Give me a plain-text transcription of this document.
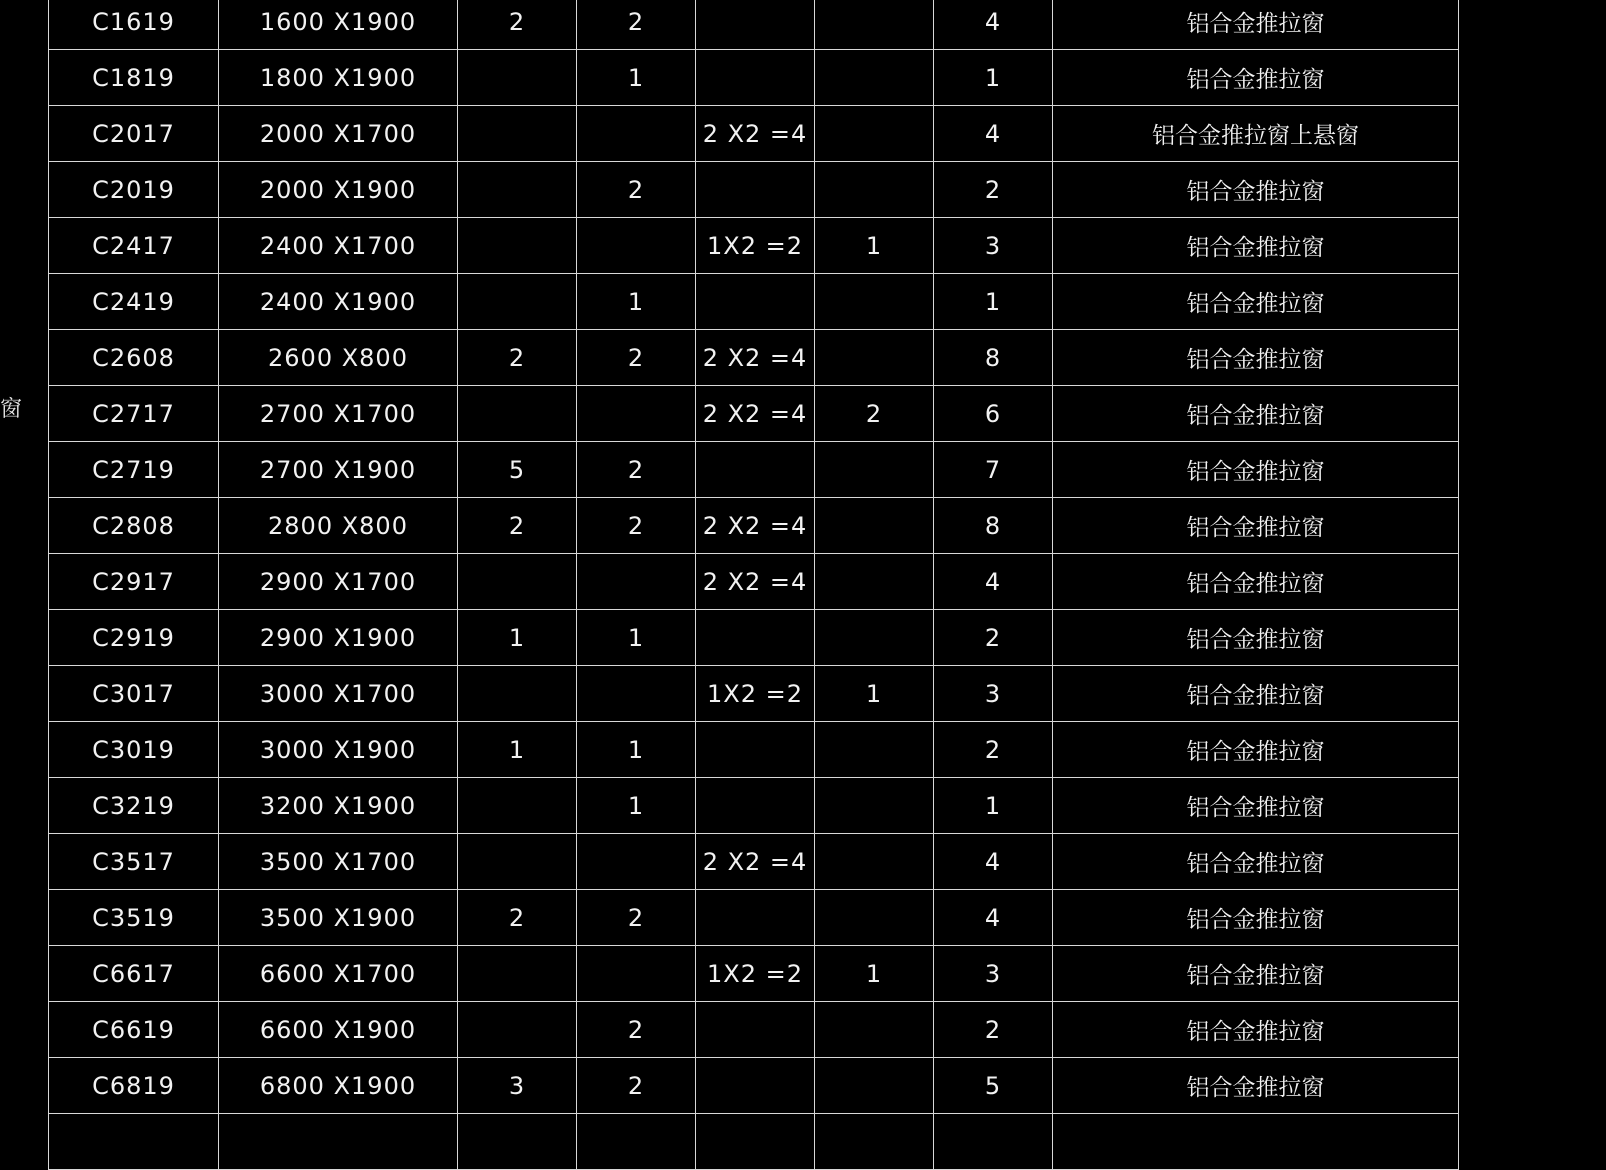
窗
C1619	1600 X1900	2	2			4	铝合金推拉窗
C1819	1800 X1900		1			1	铝合金推拉窗
C2017	2000 X1700			2 X2 =4		4	铝合金推拉窗上悬窗
C2019	2000 X1900		2			2	铝合金推拉窗
C2417	2400 X1700			1X2 =2	1	3	铝合金推拉窗
C2419	2400 X1900		1			1	铝合金推拉窗
C2608	2600 X800	2	2	2 X2 =4		8	铝合金推拉窗
C2717	2700 X1700			2 X2 =4	2	6	铝合金推拉窗
C2719	2700 X1900	5	2			7	铝合金推拉窗
C2808	2800 X800	2	2	2 X2 =4		8	铝合金推拉窗
C2917	2900 X1700			2 X2 =4		4	铝合金推拉窗
C2919	2900 X1900	1	1			2	铝合金推拉窗
C3017	3000 X1700			1X2 =2	1	3	铝合金推拉窗
C3019	3000 X1900	1	1			2	铝合金推拉窗
C3219	3200 X1900		1			1	铝合金推拉窗
C3517	3500 X1700			2 X2 =4		4	铝合金推拉窗
C3519	3500 X1900	2	2			4	铝合金推拉窗
C6617	6600 X1700			1X2 =2	1	3	铝合金推拉窗
C6619	6600 X1900		2			2	铝合金推拉窗
C6819	6800 X1900	3	2			5	铝合金推拉窗
